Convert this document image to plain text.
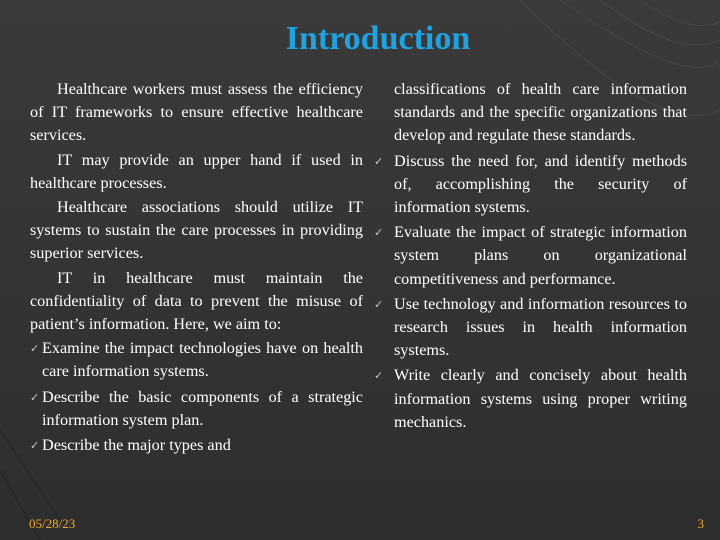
Introduction

Healthcare workers must assess the efficiency of IT frameworks to ensure effective healthcare services.

IT may provide an upper hand if used in healthcare processes.

Healthcare associations should utilize IT systems to sustain the care processes in providing superior services.

IT in healthcare must maintain the confidentiality of data to prevent the misuse of patient’s information. Here, we aim to:

✓ Examine the impact technologies have on health care information systems.
✓ Describe the basic components of a strategic information system plan.
✓ Describe the major types and
classifications of health care information standards and the specific organizations that develop and regulate these standards.
✓ Discuss the need for, and identify methods of, accomplishing the security of information systems.
✓ Evaluate the impact of strategic information system plans on organizational competitiveness and performance.
✓ Use technology and information resources to research issues in health information systems.
✓ Write clearly and concisely about health information systems using proper writing mechanics.
05/28/23	3
